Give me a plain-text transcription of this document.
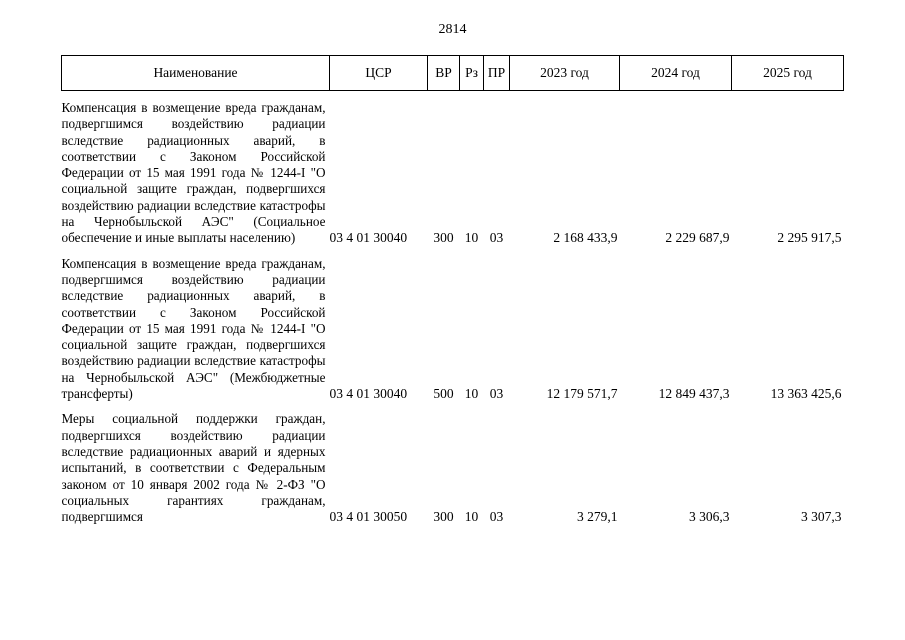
2814
Наименование	ЦСР	ВР	Рз	ПР	2023 год	2024 год	2025 год

Компенсация в возмещение вреда гражданам, подвергшимся воздействию радиации вследствие радиационных аварий, в соответствии с Законом Российской Федерации от 15 мая 1991 года № 1244-I "О социальной защите граждан, подвергшихся воздействию радиации вследствие катастрофы на Чернобыльской АЭС" (Социальное обеспечение и иные выплаты населению)	03 4 01 30040	300	10	03	2 168 433,9	2 229 687,9	2 295 917,5

Компенсация в возмещение вреда гражданам, подвергшимся воздействию радиации вследствие радиационных аварий, в соответствии с Законом Российской Федерации от 15 мая 1991 года № 1244-I "О социальной защите граждан, подвергшихся воздействию радиации вследствие катастрофы на Чернобыльской АЭС" (Межбюджетные трансферты)	03 4 01 30040	500	10	03	12 179 571,7	12 849 437,3	13 363 425,6

Меры социальной поддержки граждан, подвергшихся воздействию радиации вследствие радиационных аварий и ядерных испытаний, в соответствии с Федеральным законом от 10 января 2002 года № 2-ФЗ "О социальных гарантиях гражданам, подвергшимся	03 4 01 30050	300	10	03	3 279,1	3 306,3	3 307,3
